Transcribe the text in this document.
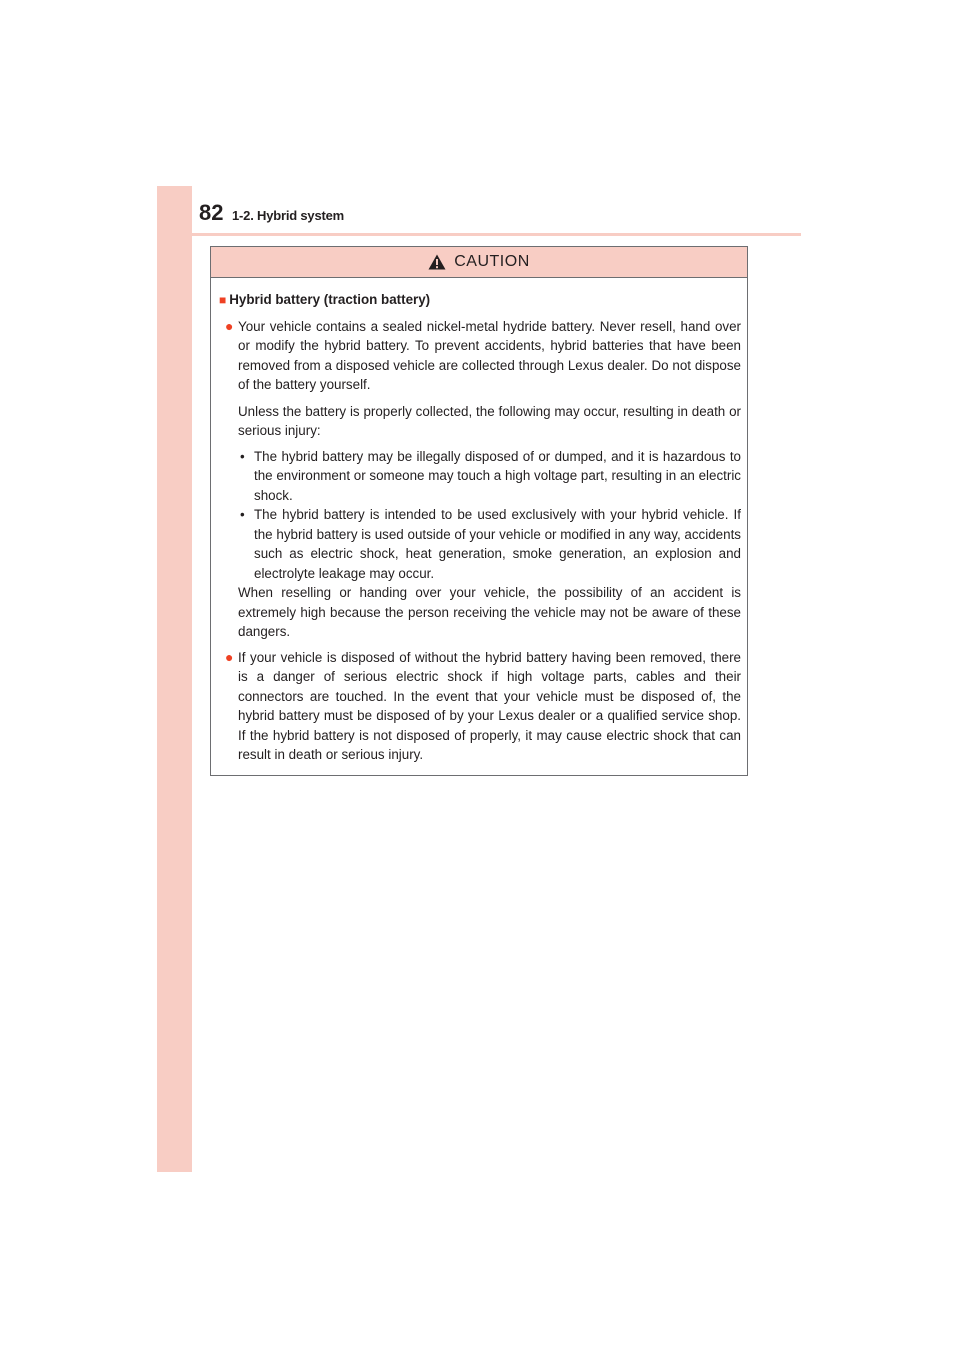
82 1-2. Hybrid system
CAUTION
■ Hybrid battery (traction battery)
● Your vehicle contains a sealed nickel-metal hydride battery. Never resell, hand over or modify the hybrid battery. To prevent accidents, hybrid batteries that have been removed from a disposed vehicle are collected through Lexus dealer. Do not dispose of the battery yourself.

Unless the battery is properly collected, the following may occur, resulting in death or serious injury:

• The hybrid battery may be illegally disposed of or dumped, and it is hazardous to the environment or someone may touch a high voltage part, resulting in an electric shock.
• The hybrid battery is intended to be used exclusively with your hybrid vehicle. If the hybrid battery is used outside of your vehicle or modified in any way, accidents such as electric shock, heat generation, smoke generation, an explosion and electrolyte leakage may occur.

When reselling or handing over your vehicle, the possibility of an accident is extremely high because the person receiving the vehicle may not be aware of these dangers.

● If your vehicle is disposed of without the hybrid battery having been removed, there is a danger of serious electric shock if high voltage parts, cables and their connectors are touched. In the event that your vehicle must be disposed of, the hybrid battery must be disposed of by your Lexus dealer or a qualified service shop. If the hybrid battery is not disposed of properly, it may cause electric shock that can result in death or serious injury.
